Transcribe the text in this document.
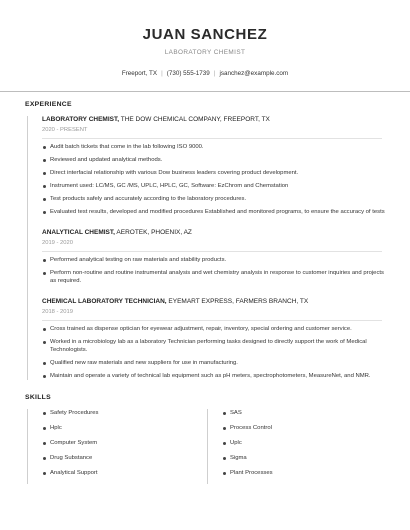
JUAN SANCHEZ
LABORATORY CHEMIST
Freeport, TX | (730) 555-1739 | jsanchez@example.com
EXPERIENCE
LABORATORY CHEMIST, THE DOW CHEMICAL COMPANY, FREEPORT, TX
2020 - PRESENT
Audit batch tickets that come in the lab following ISO 9000.
Reviewed and updated analytical methods.
Direct interfacial relationship with various Dow business leaders covering product development.
Instrument used: LC/MS, GC /MS, UPLC, HPLC, GC, Software: EzChrom and Chemstation
Test products safely and accurately according to the laboratory procedures.
Evaluated test results, developed and modified procedures Established and monitored programs, to ensure the accuracy of tests
ANALYTICAL CHEMIST, AEROTEK, PHOENIX, AZ
2019 - 2020
Performed analytical testing on raw materials and stability products.
Perform non-routine and routine instrumental analysis and wet chemistry analysis in response to customer inquiries and projects as required.
CHEMICAL LABORATORY TECHNICIAN, EYEMART EXPRESS, FARMERS BRANCH, TX
2018 - 2019
Cross trained as dispense optician for eyewear adjustment, repair, inventory, special ordering and customer service.
Worked in a microbiology lab as a laboratory Technician performing tasks designed to directly support the work of Medical Technologists.
Qualified new raw materials and new suppliers for use in manufacturing.
Maintain and operate a variety of technical lab equipment such as pH meters, spectrophotometers, MeasureNet, and NMR.
SKILLS
Safety Procedures
Hplc
Computer System
Drug Substance
Analytical Support
SAS
Process Control
Uplc
Sigma
Plant Processes
